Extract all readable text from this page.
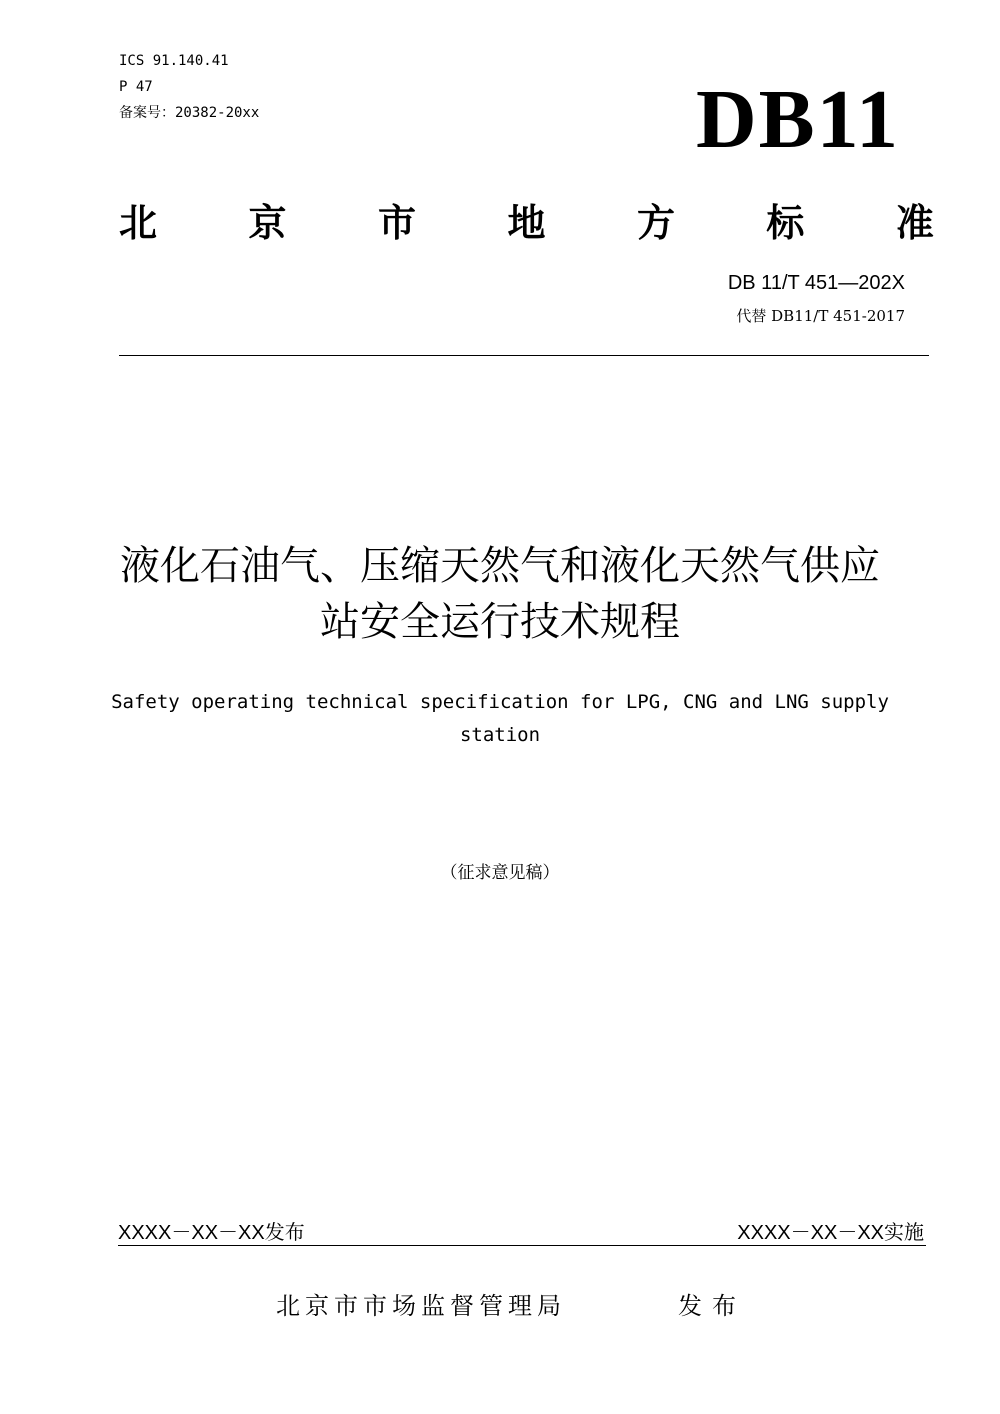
ICS 91.140.41
P 47
备案号：20382-20xx	DB11
北 京 市 地 方 标 准
DB 11/T 451—202X
代替 DB11/T 451-2017
液化石油气、压缩天然气和液化天然气供应
站安全运行技术规程
Safety operating technical specification for LPG, CNG and LNG supply
station
（征求意见稿）
XXXX－XX－XX发布	XXXX－XX－XX实施
北京市市场监督管理局	发布
